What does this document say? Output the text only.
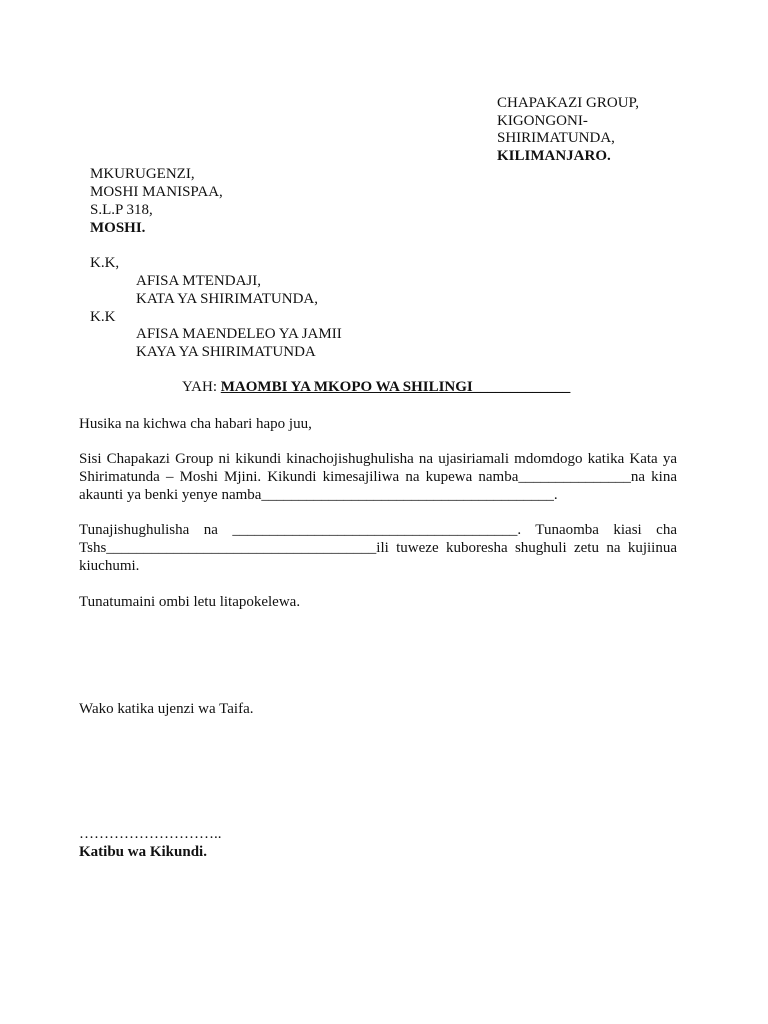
CHAPAKAZI GROUP,
KIGONGONI-
SHIRIMATUNDA,
KILIMANJARO.
MKURUGENZI,
MOSHI MANISPAA,
S.L.P 318,
MOSHI.
K.K,
AFISA MTENDAJI,
KATA YA SHIRIMATUNDA,
K.K
AFISA MAENDELEO YA JAMII
KAYA YA SHIRIMATUNDA
YAH: MAOMBI YA MKOPO WA SHILINGI_____________
Husika na kichwa cha habari hapo juu,
Sisi Chapakazi Group ni kikundi kinachojishughulisha na ujasiriamali mdomdogo katika Kata ya Shirimatunda – Moshi Mjini. Kikundi kimesajiliwa na kupewa namba_______________na kina akaunti ya benki yenye namba_______________________________________.
Tunajishughulisha na ______________________________________. Tunaomba kiasi cha Tshs____________________________________ili tuweze kuboresha shughuli zetu na kujiinua kiuchumi.
Tunatumaini ombi letu litapokelewa.
Wako katika ujenzi wa Taifa.
………………………..
Katibu wa Kikundi.
